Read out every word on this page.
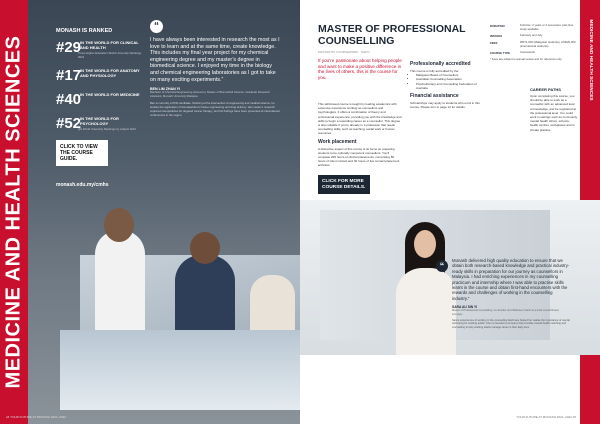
MEDICINE AND HEALTH SCIENCES
MONASH IS RANKED
#29
IN THE WORLD FOR CLINICAL AND HEALTH
Times Higher Education World University Rankings 2021
#17
IN THE WORLD FOR ANATOMY AND PHYSIOLOGY
#40
IN THE WORLD FOR MEDICINE
#52
IN THE WORLD FOR PSYCHOLOGY
QS World University Rankings by subject 2021
CLICK TO VIEW THE COURSE GUIDE.
monash.edu.my/cmhs
“
I have always been interested in research the most as I love to learn and at the same time, create knowledge. This includes my final year project for my chemical engineering degree and my master’s degree in biomedical science. I enjoyed my time in the biology and chemical engineering laboratories as I got to take on many exciting experiments.”
BEN LIM ZHAN YI
Bachelor of Chemical Engineering (Honours), Master of Biomedical Science, Graduate Research Assistant, Monash University Malaysia
Ben is currently a PhD candidate. Working at the intersection of engineering and medical science, he studies the application of biomaterials for tissue engineering and drug delivery. His master’s research explored nanoparticles for targeted cancer therapy, and his findings have been presented at international conferences in the region.
24 YOUR FUTURE AT MONASH 2021–2022
MEDICINE AND HEALTH SCIENCES
MASTER OF PROFESSIONAL COUNSELLING
MASTER BY COURSEWORK · MAPC
If you’re passionate about helping people and want to make a positive difference in the lives of others, this is the course for you.
This skill-based course is taught by leading academics with extensive experience working as counsellors and psychologists. It offers a combination of theory and professional experience, providing you with the knowledge and skills to begin a rewarding career as a counsellor. This degree is also suitable if you’re already in a profession that needs counselling skills, such as teaching, social work or human resources.
Work placement
A distinctive aspect of this course is its focus on preparing students to be culturally competent counsellors. You’ll complete 200 hours of clinical placements, comprising 80 hours of client contact and 40 hours of live contact placement activities.
Professionally accredited
This course is fully accredited by the:
• Malaysian Board of Counsellors
• Australian Counselling Association
• Psychotherapy and Counselling Federation of Australia.
Financial assistance
Scholarships may apply to students who enrol in this course. Please turn to page 12 for details.
DURATION	Full-time: 2 years or 4 semesters, part-time study available
INTAKES	February and July
FEES	RM71,000 (Malaysian students); USD25,000 (international students)
COURSE TYPE	Coursework
* Fees are subject to annual review and for reference only.
CAREER PATHS
Upon completing this course, you should be able to work as a counsellor with an advanced level of knowledge, and be registered at the professional level. You could work in settings such as community mental health clinics, schools, health centres, workplaces and in private practice.
CLICK FOR MORE COURSE DETAILS.
“
Monash delivered high quality education to ensure that we obtain both research-based knowledge and practical industry-ready skills in preparation for our journey as counsellors in Malaysia. I had enriching experiences in my counselling practicum and internship where I was able to practise skills learnt in the course and obtain first-hand encounters with the rewards and challenges of working in the counselling industry.”
SARA AU SIN YI
Master of Professional Counselling, Co-founder and Wellness Coach at a local mental fitness company
Sara’s experiences of working in the counselling field have helped her realise the importance of mental well-being for working adults. She co-founded a company that provides mental health coaching and counselling to help working adults manage stress in their daily lives.
YOUR FUTURE AT MONASH 2021–2022 25
